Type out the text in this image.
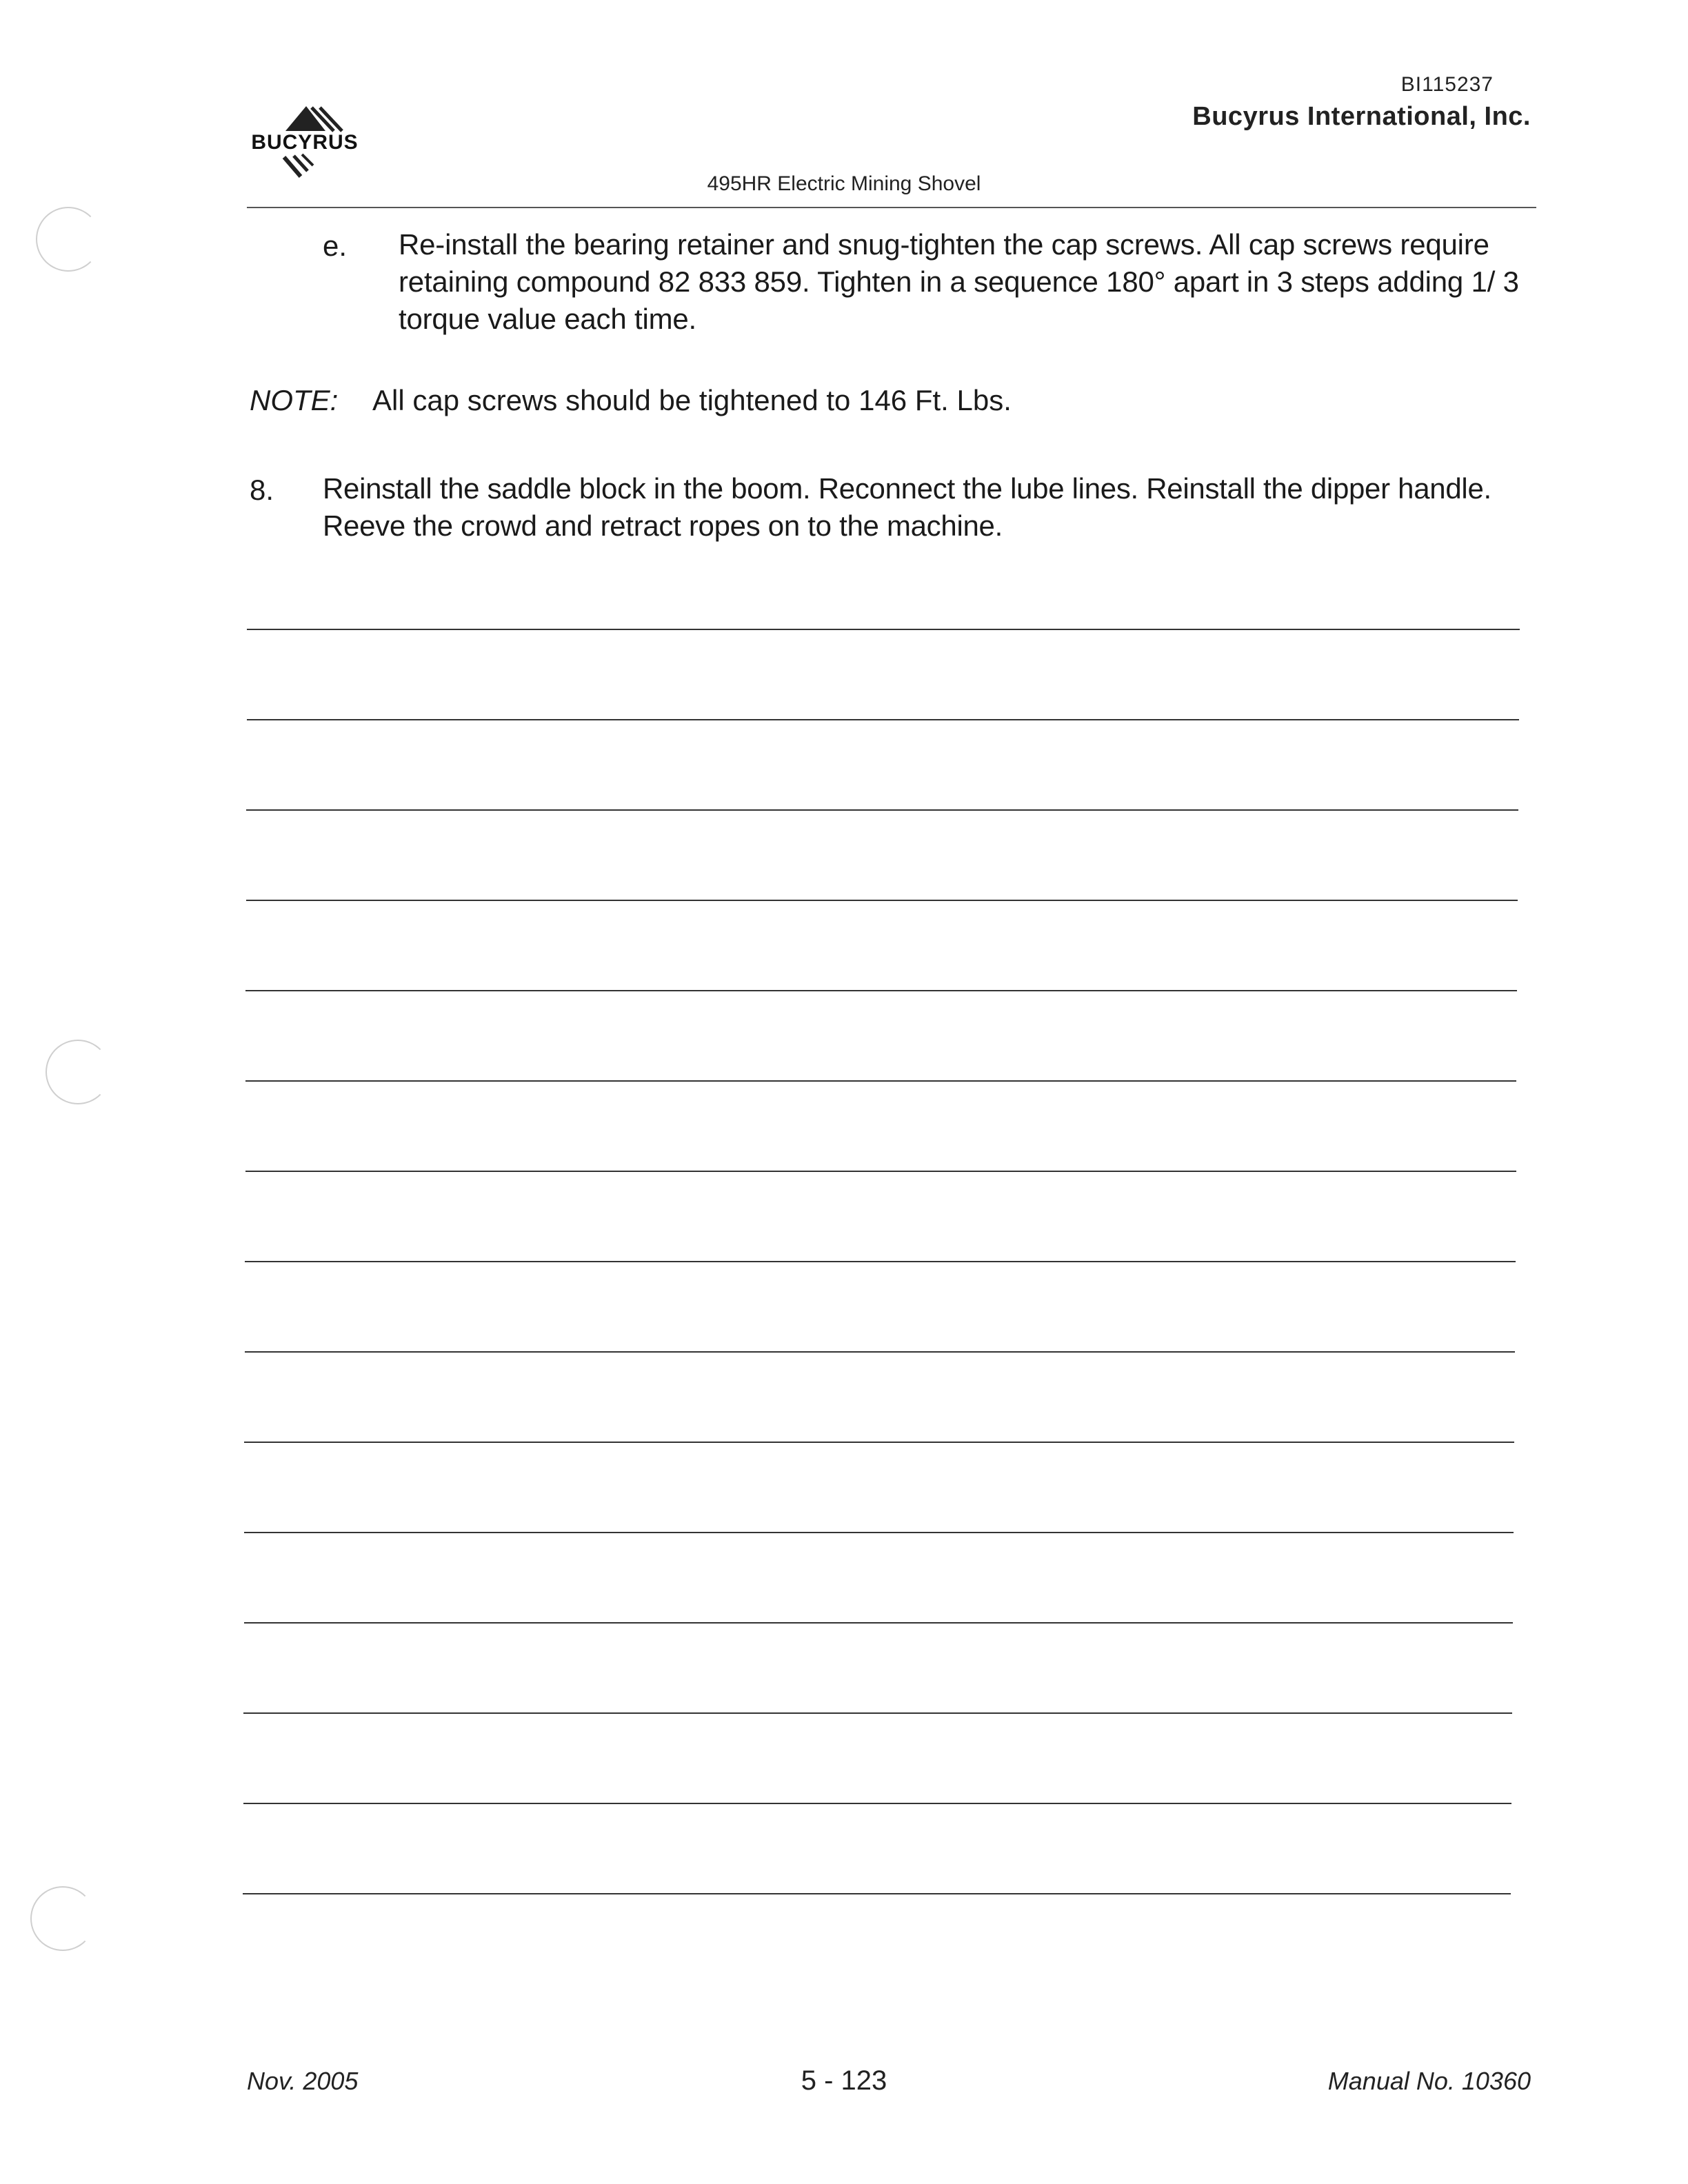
BI115237
Bucyrus International, Inc.
BUCYRUS
495HR Electric Mining Shovel
e. Re-install the bearing retainer and snug-tighten the cap screws. All cap screws require retaining compound 82 833 859. Tighten in a sequence 180° apart in 3 steps adding 1/ 3 torque value each time.
NOTE: All cap screws should be tightened to 146 Ft. Lbs.
8. Reinstall the saddle block in the boom. Reconnect the lube lines. Reinstall the dipper handle. Reeve the crowd and retract ropes on to the machine.
Nov. 2005	5 - 123	Manual No. 10360
